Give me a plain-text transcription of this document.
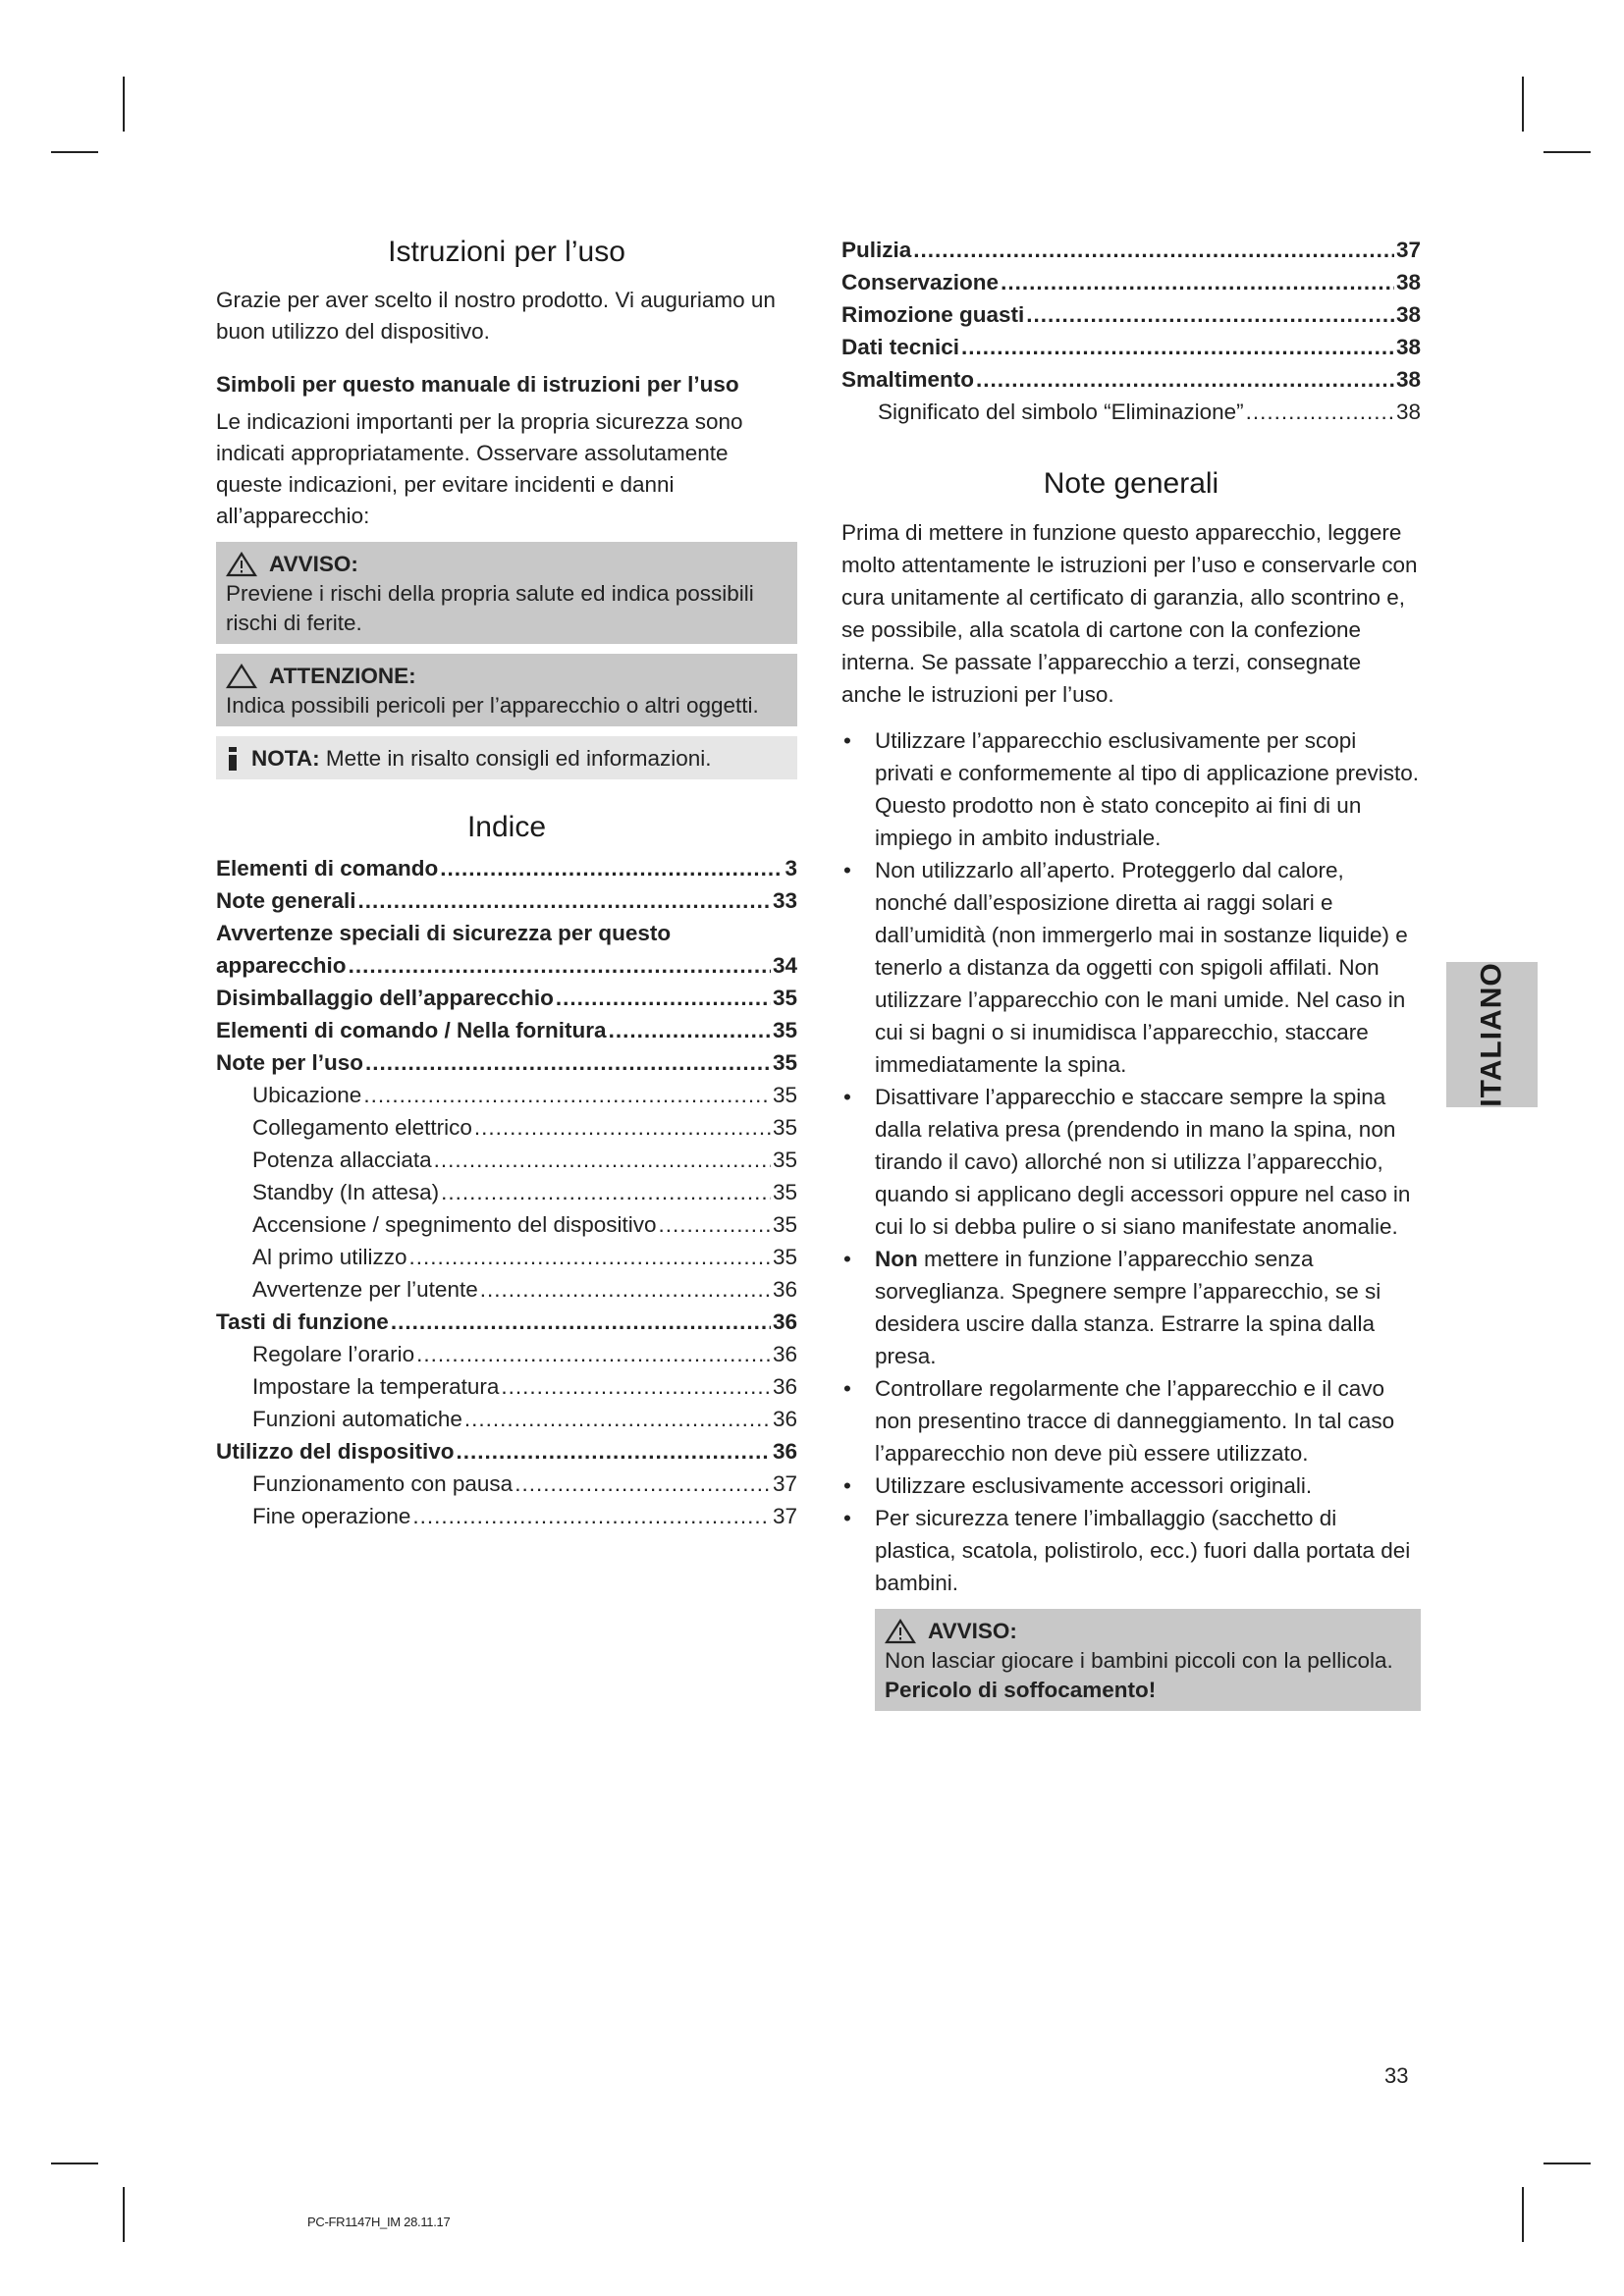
Istruzioni per l’uso

Grazie per aver scelto il nostro prodotto. Vi auguriamo un buon utilizzo del dispositivo.

Simboli per questo manuale di istruzioni per l’uso

Le indicazioni importanti per la propria sicurezza sono indicati appropriatamente. Osservare assolutamente queste indicazioni, per evitare incidenti e danni all’apparecchio:

AVVISO:
Previene i rischi della propria salute ed indica possibili rischi di ferite.
ATTENZIONE:
Indica possibili pericoli per l’apparecchio o altri oggetti.
NOTA: Mette in risalto consigli ed informazioni.
Indice
Elementi di comando .....	3
Note generali .....	33
Avvertenze speciali di sicurezza per questo
apparecchio .....	34
Disimballaggio dell’apparecchio .....	35
Elementi di comando / Nella fornitura .....	35
Note per l’uso .....	35
Ubicazione .....	35
Collegamento elettrico .....	35
Potenza allacciata .....	35
Standby (In attesa) .....	35
Accensione / spegnimento del dispositivo .....	35
Al primo utilizzo .....	35
Avvertenze per l’utente .....	36
Tasti di funzione .....	36
Regolare l’orario .....	36
Impostare la temperatura .....	36
Funzioni automatiche .....	36
Utilizzo del dispositivo .....	36
Funzionamento con pausa .....	37
Fine operazione .....	37
Pulizia .....	37
Conservazione .....	38
Rimozione guasti .....	38
Dati tecnici .....	38
Smaltimento .....	38
Significato del simbolo “Eliminazione” .....	38
Note generali

Prima di mettere in funzione questo apparecchio, leggere molto attentamente le istruzioni per l’uso e conservarle con cura unitamente al certificato di garanzia, allo scontrino e, se possibile, alla scatola di cartone con la confezione interna. Se passate l’apparecchio a terzi, consegnate anche le istruzioni per l’uso.

• Utilizzare l’apparecchio esclusivamente per scopi privati e conformemente al tipo di applicazione previsto. Questo prodotto non è stato concepito ai fini di un impiego in ambito industriale.
• Non utilizzarlo all’aperto. Proteggerlo dal calore, nonché dall’esposizione diretta ai raggi solari e dall’umidità (non immergerlo mai in sostanze liquide) e tenerlo a distanza da oggetti con spigoli affilati. Non utilizzare l’apparecchio con le mani umide. Nel caso in cui si bagni o si inumidisca l’apparecchio, staccare immediatamente la spina.
• Disattivare l’apparecchio e staccare sempre la spina dalla relativa presa (prendendo in mano la spina, non tirando il cavo) allorché non si utilizza l’apparecchio, quando si applicano degli accessori oppure nel caso in cui lo si debba pulire o si siano manifestate anomalie.
• Non mettere in funzione l’apparecchio senza sorveglianza. Spegnere sempre l’apparecchio, se si desidera uscire dalla stanza. Estrarre la spina dalla presa.
• Controllare regolarmente che l’apparecchio e il cavo non presentino tracce di danneggiamento. In tal caso l’apparecchio non deve più essere utilizzato.
• Utilizzare esclusivamente accessori originali.
• Per sicurezza tenere l’imballaggio (sacchetto di plastica, scatola, polistirolo, ecc.) fuori dalla portata dei bambini.
AVVISO:
Non lasciar giocare i bambini piccoli con la pellicola.
Pericolo di soffocamento!
ITALIANO
33
PC-FR1147H_IM 28.11.17
